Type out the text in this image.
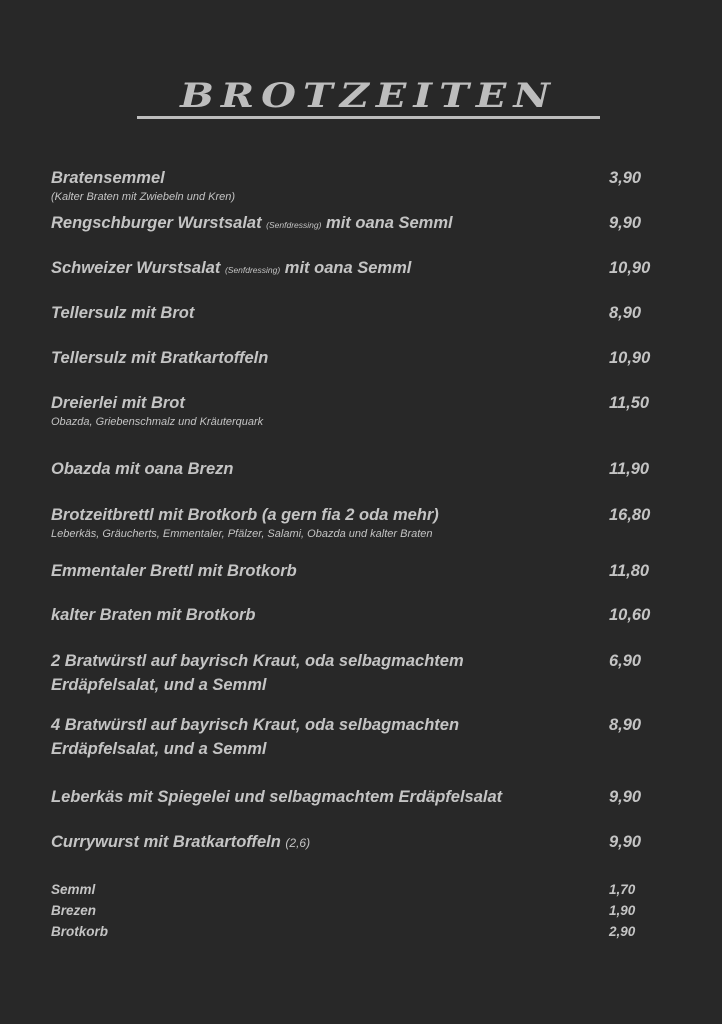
BROTZEITEN
Bratensemmel
(Kalter Braten mit Zwiebeln und Kren)
3,90
Rengschburger Wurstsalat (Senfdressing) mit oana Semml	9,90
Schweizer Wurstsalat (Senfdressing) mit oana Semml	10,90
Tellersulz mit Brot	8,90
Tellersulz mit Bratkartoffeln	10,90
Dreierlei mit Brot
Obazda, Griebenschmalz und Kräuterquark
11,50
Obazda mit oana Brezn	11,90
Brotzeitbrettl mit Brotkorb (a gern fia 2 oda mehr)
Leberkäs, Gräucherts, Emmentaler, Pfälzer, Salami, Obazda und kalter Braten
16,80
Emmentaler Brettl mit Brotkorb	11,80
kalter Braten mit Brotkorb	10,60
2 Bratwürstl auf bayrisch Kraut, oda selbagmachtem Erdäpfelsalat, und a Semml
6,90
4 Bratwürstl auf bayrisch Kraut, oda selbagmachten Erdäpfelsalat, und a Semml
8,90
Leberkäs mit Spiegelei und selbagmachtem Erdäpfelsalat	9,90
Currywurst mit Bratkartoffeln (2,6)	9,90
Semml	1,70
Brezen	1,90
Brotkorb	2,90
